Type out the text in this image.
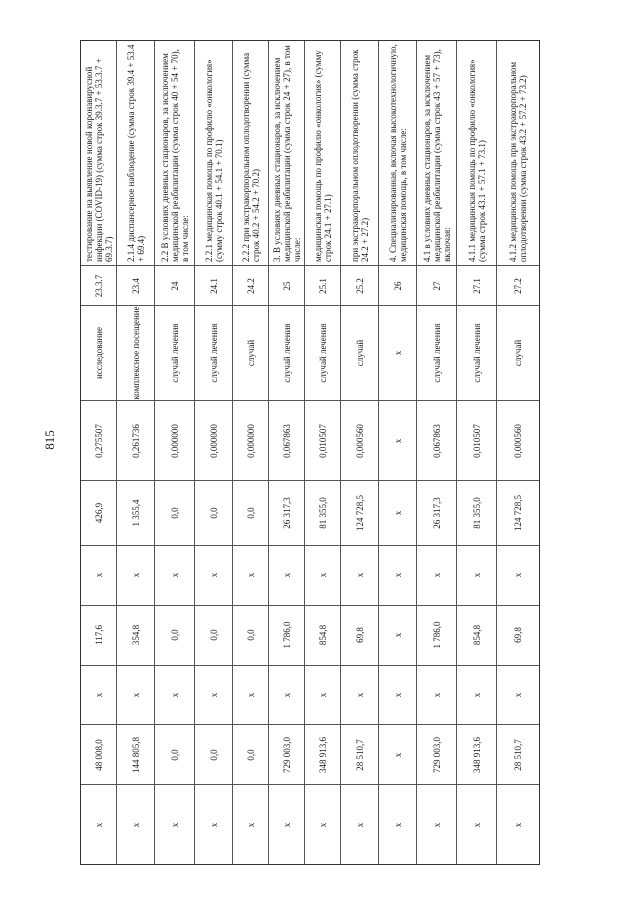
815
тестирование на выявление новой коронавирусной инфекции (COVID-19) (сумма строк 39.3.7 + 53.3.7 + 69.3.7)
23.3.7
исследование
0,275507
426,9
x
117,6
x
48 008,0
x
2.1.4 диспансерное наблюдение (сумма строк 39.4 + 53.4 + 69.4)
23.4
комплексное посещение
0,261736
1 355,4
x
354,8
x
144 805,8
x
2.2 В условиях дневных стационаров, за исключением медицинской реабилитации (сумма строк 40 + 54 + 70), в том числе:
24
случай лечения
0,000000
0,0
x
0,0
x
0,0
x
2.2.1 медицинская помощь по профилю «онкология» (сумму строк 40.1 + 54.1 + 70.1)
24.1
случай лечения
0,000000
0,0
x
0,0
x
0,0
x
2.2.2 при экстракорпоральном оплодотворении (сумма строк 40.2 + 54.2 + 70.2)
24.2
случай
0,000000
0,0
x
0,0
x
0,0
x
3. В условиях дневных стационаров, за исключением медицинской реабилитации (сумма строк 24 + 27), в том числе:
25
случай лечения
0,067863
26 317,3
x
1 786,0
x
729 003,0
x
медицинская помощь по профилю «онкология» (сумму строк 24.1 + 27.1)
25.1
случай лечения
0,010507
81 355,0
x
854,8
x
348 913,6
x
при экстракорпоральном оплодотворении (сумма строк 24.2 + 27.2)
25.2
случай
0,000560
124 728,5
x
69,8
x
28 510,7
x
4. Специализированная, включая высокотехнологичную, медицинская помощь, в том числе:
26
x
x
x
x
x
x
x
x
4.1 в условиях дневных стационаров, за исключением медицинской реабилитации (сумма строк 43 + 57 + 73), включая:
27
случай лечения
0,067863
26 317,3
x
1 786,0
x
729 003,0
x
4.1.1 медицинская помощь по профилю «онкология» (сумма строк 43.1 + 57.1 + 73.1)
27.1
случай лечения
0,010507
81 355,0
x
854,8
x
348 913,6
x
4.1.2 медицинская помощь при экстракорпоральном оплодотворении (сумма строк 43.2 + 57.2 + 73.2)
27.2
случай
0,000560
124 728,5
x
69,8
x
28 510,7
x
